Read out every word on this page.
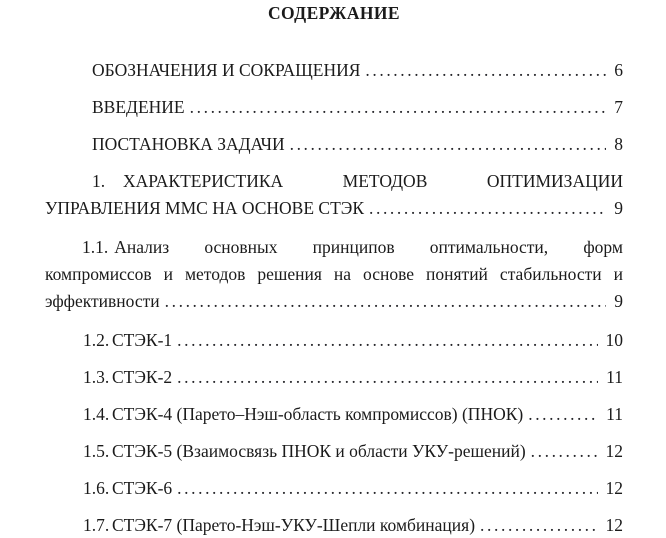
СОДЕРЖАНИЕ
ОБОЗНАЧЕНИЯ И СОКРАЩЕНИЯ .....	6
ВВЕДЕНИЕ .....	7
ПОСТАНОВКА ЗАДАЧИ .....	8
1. ХАРАКТЕРИСТИКА	МЕТОДОВ	ОПТИМИЗАЦИИ
УПРАВЛЕНИЯ ММС НА ОСНОВЕ СТЭК .....	9
1.1. Анализ основных принципов оптимальности, форм
компромиссов и методов решения на основе понятий стабильности и
эффективности .....	9
1.2. СТЭК-1 .....	10
1.3. СТЭК-2 .....	11
1.4. СТЭК-4 (Парето–Нэш-область компромиссов) (ПНОК) .....	11
1.5. СТЭК-5 (Взаимосвязь ПНОК и области УКУ-решений) .....	12
1.6. СТЭК-6 .....	12
1.7. СТЭК-7 (Парето-Нэш-УКУ-Шепли комбинация) .....	12
